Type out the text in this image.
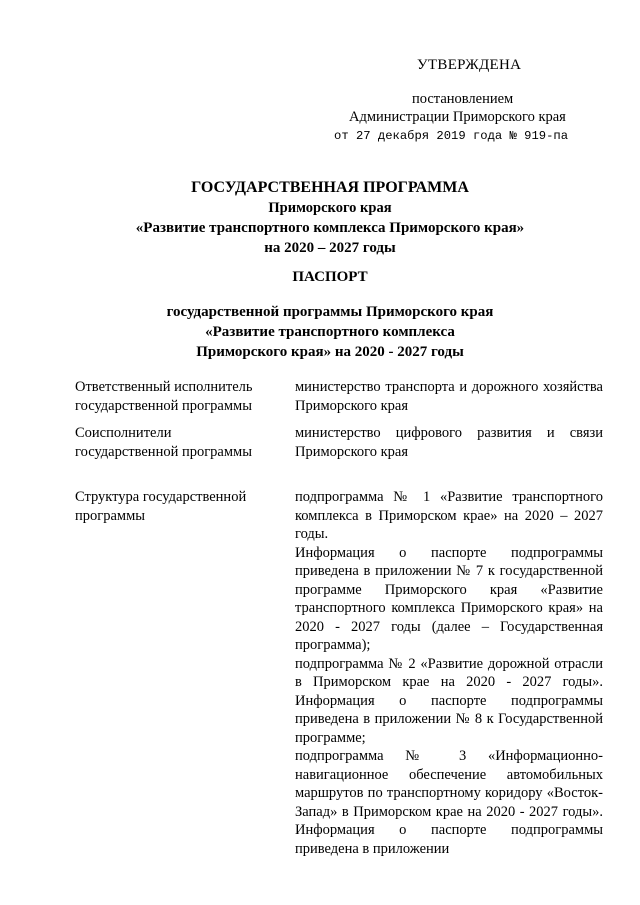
УТВЕРЖДЕНА
постановлением
Администрации Приморского края
от 27 декабря 2019 года № 919-па
ГОСУДАРСТВЕННАЯ ПРОГРАММА
Приморского края
«Развитие транспортного комплекса Приморского края»
на 2020 – 2027 годы
ПАСПОРТ
государственной программы Приморского края
«Развитие транспортного комплекса
Приморского края» на 2020 - 2027 годы
Ответственный исполнитель государственной программы

министерство транспорта и дорожного хозяйства Приморского края

Соисполнители государственной программы

министерство цифрового развития и связи Приморского края

Структура государственной программы

подпрограмма № 1 «Развитие транспортного комплекса в Приморском крае» на 2020 – 2027 годы.

Информация о паспорте подпрограммы приведена в приложении № 7 к государственной программе Приморского края «Развитие транспортного комплекса Приморского края» на 2020 - 2027 годы (далее – Государственная программа);

подпрограмма № 2 «Развитие дорожной отрасли в Приморском крае на 2020 - 2027 годы». Информация о паспорте подпрограммы приведена в приложении № 8 к Государственной программе;

подпрограмма № 3 «Информационно-навигационное обеспечение автомобильных маршрутов по транспортному коридору «Восток-Запад» в Приморском крае на 2020 - 2027 годы». Информация о паспорте подпрограммы приведена в приложении
